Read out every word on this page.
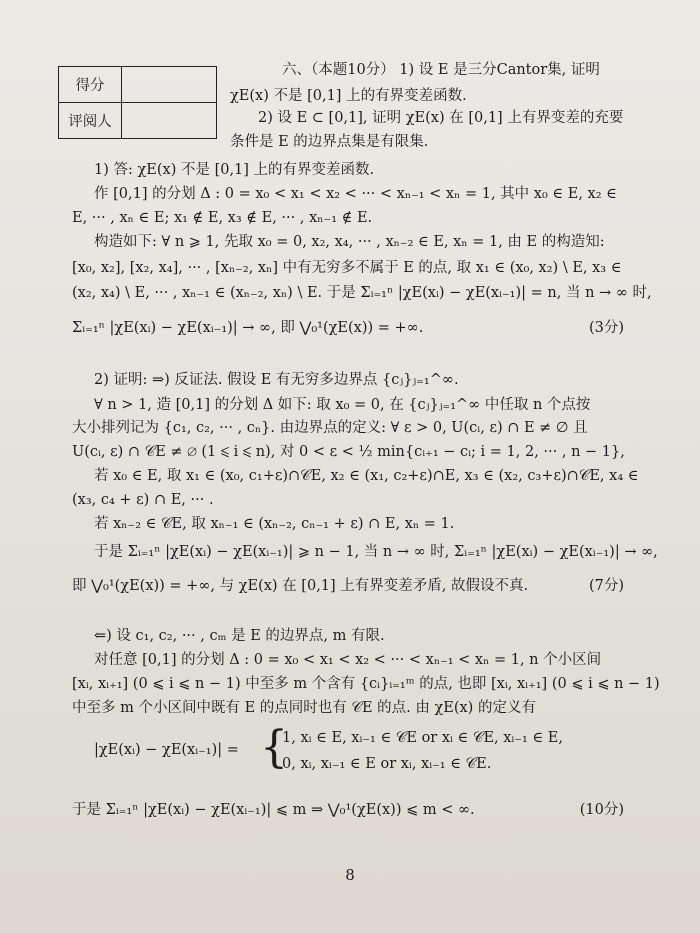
得分	
评阅人	
六、（本题10分） 1) 设 E 是三分Cantor集, 证明
χE(x) 不是 [0,1] 上的有界变差函数.
2) 设 E ⊂ [0,1], 证明 χE(x) 在 [0,1] 上有界变差的充要
条件是 E 的边界点集是有限集.
1) 答: χE(x) 不是 [0,1] 上的有界变差函数.
作 [0,1] 的分划 Δ : 0 = x₀ < x₁ < x₂ < ··· < xₙ₋₁ < xₙ = 1, 其中 x₀ ∈ E, x₂ ∈
E, ··· , xₙ ∈ E; x₁ ∉ E, x₃ ∉ E, ··· , xₙ₋₁ ∉ E.
构造如下: ∀ n ⩾ 1, 先取 x₀ = 0, x₂, x₄, ··· , xₙ₋₂ ∈ E, xₙ = 1, 由 E 的构造知:
[x₀, x₂], [x₂, x₄], ··· , [xₙ₋₂, xₙ] 中有无穷多不属于 E 的点, 取 x₁ ∈ (x₀, x₂) \ E, x₃ ∈
(x₂, x₄) \ E, ··· , xₙ₋₁ ∈ (xₙ₋₂, xₙ) \ E. 于是 Σᵢ₌₁ⁿ |χE(xᵢ) − χE(xᵢ₋₁)| = n, 当 n → ∞ 时,
Σᵢ₌₁ⁿ |χE(xᵢ) − χE(xᵢ₋₁)| → ∞, 即 ⋁₀¹(χE(x)) = +∞.	(3分)
2) 证明: ⇒) 反证法. 假设 E 有无穷多边界点 {cⱼ}ⱼ₌₁^∞.
∀ n > 1, 造 [0,1] 的分划 Δ 如下: 取 x₀ = 0, 在 {cⱼ}ⱼ₌₁^∞ 中任取 n 个点按
大小排列记为 {c₁, c₂, ··· , cₙ}. 由边界点的定义: ∀ ε > 0, U(cᵢ, ε) ∩ E ≠ ∅ 且
U(cᵢ, ε) ∩ 𝒞E ≠ ∅ (1 ⩽ i ⩽ n), 对 0 < ε < ½ min{cᵢ₊₁ − cᵢ; i = 1, 2, ··· , n − 1},
若 x₀ ∈ E, 取 x₁ ∈ (x₀, c₁+ε)∩𝒞E, x₂ ∈ (x₁, c₂+ε)∩E, x₃ ∈ (x₂, c₃+ε)∩𝒞E, x₄ ∈
(x₃, c₄ + ε) ∩ E, ··· .
若 xₙ₋₂ ∈ 𝒞E, 取 xₙ₋₁ ∈ (xₙ₋₂, cₙ₋₁ + ε) ∩ E, xₙ = 1.
于是 Σᵢ₌₁ⁿ |χE(xᵢ) − χE(xᵢ₋₁)| ⩾ n − 1, 当 n → ∞ 时, Σᵢ₌₁ⁿ |χE(xᵢ) − χE(xᵢ₋₁)| → ∞,
即 ⋁₀¹(χE(x)) = +∞, 与 χE(x) 在 [0,1] 上有界变差矛盾, 故假设不真.	(7分)
⇐) 设 c₁, c₂, ··· , cₘ 是 E 的边界点, m 有限.
对任意 [0,1] 的分划 Δ : 0 = x₀ < x₁ < x₂ < ··· < xₙ₋₁ < xₙ = 1, n 个小区间
[xᵢ, xᵢ₊₁] (0 ⩽ i ⩽ n − 1) 中至多 m 个含有 {cᵢ}ᵢ₌₁ᵐ 的点, 也即 [xᵢ, xᵢ₊₁] (0 ⩽ i ⩽ n − 1)
中至多 m 个小区间中既有 E 的点同时也有 𝒞E 的点. 由 χE(x) 的定义有
|χE(xᵢ) − χE(xᵢ₋₁)| = {
1, xᵢ ∈ E, xᵢ₋₁ ∈ 𝒞E or xᵢ ∈ 𝒞E, xᵢ₋₁ ∈ E,
0, xᵢ, xᵢ₋₁ ∈ E or xᵢ, xᵢ₋₁ ∈ 𝒞E.
于是 Σᵢ₌₁ⁿ |χE(xᵢ) − χE(xᵢ₋₁)| ⩽ m ⇒ ⋁₀¹(χE(x)) ⩽ m < ∞.	(10分)
8
